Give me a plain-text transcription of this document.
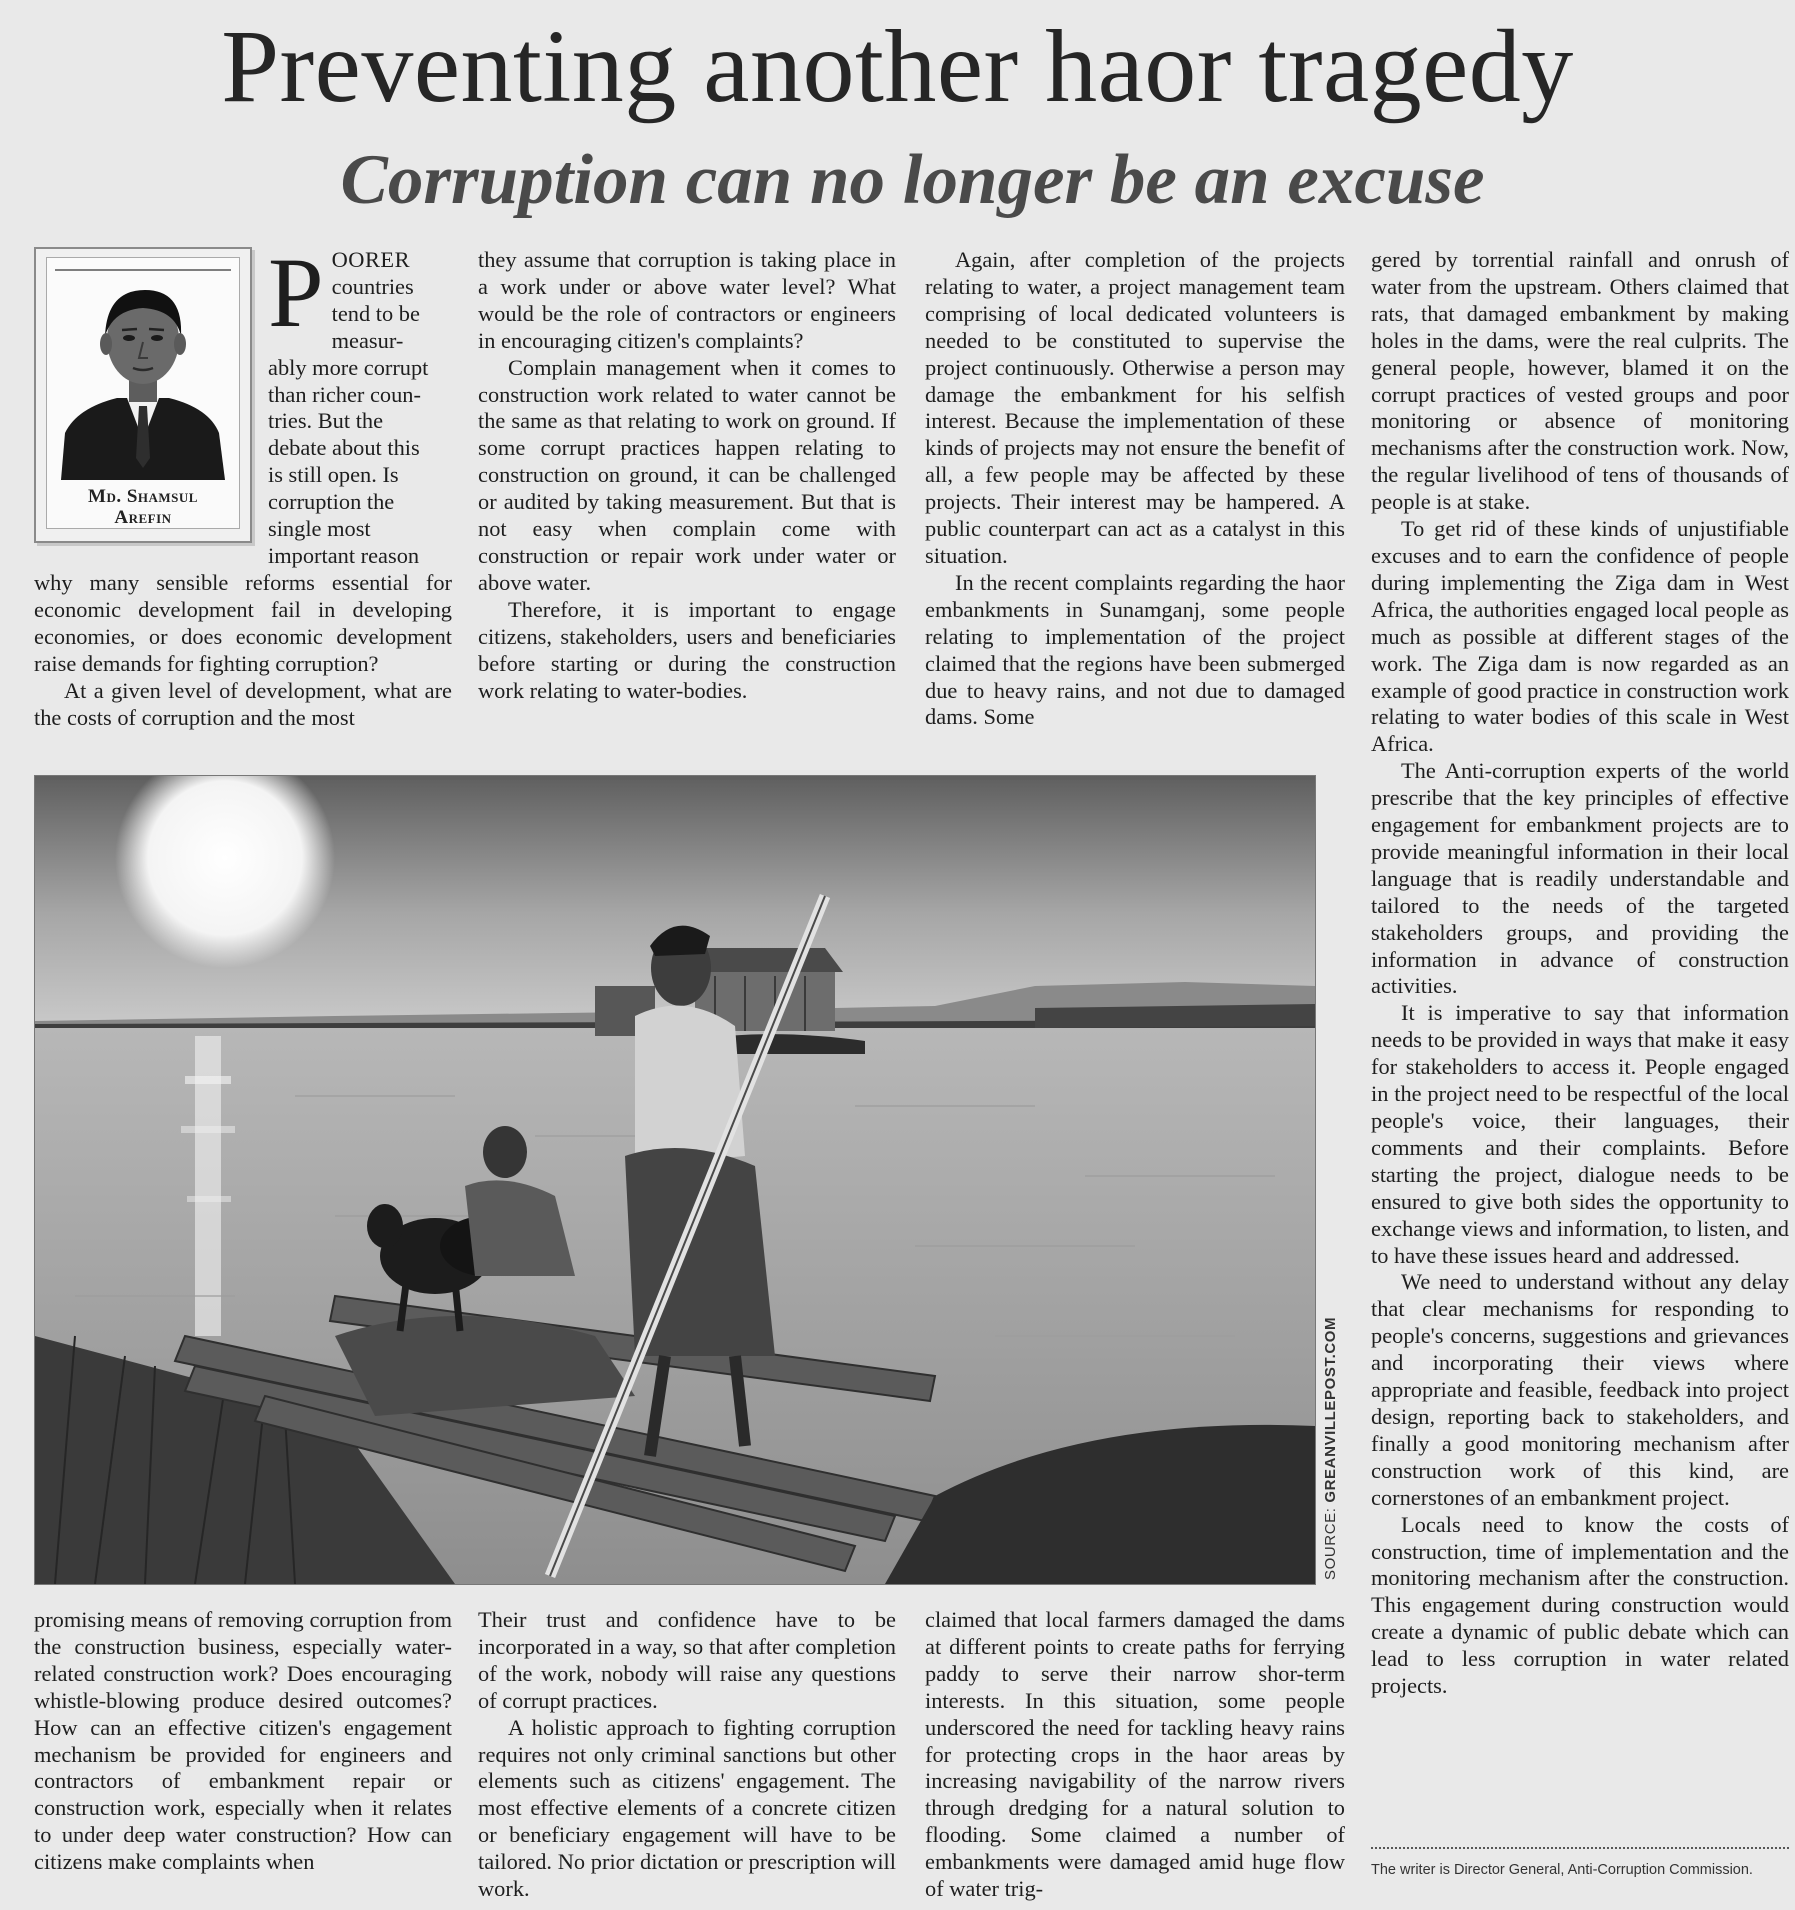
Preventing another haor tragedy
Corruption can no longer be an excuse
Md. Shamsul
Arefin
P OORER
countries
tend to be
measur-
ably more corrupt
than richer coun-
tries. But the
debate about this
is still open. Is
corruption the
single most
important reason

why many sensible reforms essential for economic development fail in developing economies, or does economic development raise demands for fighting corruption?

At a given level of development, what are the costs of corruption and the most

they assume that corruption is taking place in a work under or above water level? What would be the role of contractors or engineers in encouraging citizen's complaints?

Complain management when it comes to construction work related to water cannot be the same as that relating to work on ground. If some corrupt practices happen relating to construction on ground, it can be challenged or audited by taking measurement. But that is not easy when complain come with construction or repair work under water or above water.

Therefore, it is important to engage citizens, stakeholders, users and beneficiaries before starting or during the construction work relating to water-bodies.

Again, after completion of the projects relating to water, a project management team comprising of local dedicated volunteers is needed to be constituted to supervise the project continuously. Otherwise a person may damage the embankment for his selfish interest. Because the implementation of these kinds of projects may not ensure the benefit of all, a few people may be affected by these projects. Their interest may be hampered. A public counterpart can act as a catalyst in this situation.

In the recent complaints regarding the haor embankments in Sunamganj, some people relating to implementation of the project claimed that the regions have been submerged due to heavy rains, and not due to damaged dams. Some

gered by torrential rainfall and onrush of water from the upstream. Others claimed that rats, that damaged embankment by making holes in the dams, were the real culprits. The general people, however, blamed it on the corrupt practices of vested groups and poor monitoring or absence of monitoring mechanisms after the construction work. Now, the regular livelihood of tens of thousands of people is at stake.

To get rid of these kinds of unjustifiable excuses and to earn the confidence of people during implementing the Ziga dam in West Africa, the authorities engaged local people as much as possible at different stages of the work. The Ziga dam is now regarded as an example of good practice in construction work relating to water bodies of this scale in West Africa.

The Anti-corruption experts of the world prescribe that the key principles of effective engagement for embankment projects are to provide meaningful information in their local language that is readily understandable and tailored to the needs of the targeted stakeholders groups, and providing the information in advance of construction activities.

It is imperative to say that information needs to be provided in ways that make it easy for stakeholders to access it. People engaged in the project need to be respectful of the local people's voice, their languages, their comments and their complaints. Before starting the project, dialogue needs to be ensured to give both sides the opportunity to exchange views and information, to listen, and to have these issues heard and addressed.

We need to understand without any delay that clear mechanisms for responding to people's concerns, suggestions and grievances and incorporating their views where appropriate and feasible, feedback into project design, reporting back to stakeholders, and finally a good monitoring mechanism after construction work of this kind, are cornerstones of an embankment project.

Locals need to know the costs of construction, time of implementation and the monitoring mechanism after the construction. This engagement during construction would create a dynamic of public debate which can lead to less corruption in water related projects.

SOURCE: GREANVILLEPOST.COM

promising means of removing corruption from the construction business, especially water-related construction work? Does encouraging whistle-blowing produce desired outcomes? How can an effective citizen's engagement mechanism be provided for engineers and contractors of embankment repair or construction work, especially when it relates to under deep water construction? How can citizens make complaints when

Their trust and confidence have to be incorporated in a way, so that after completion of the work, nobody will raise any questions of corrupt practices.

A holistic approach to fighting corruption requires not only criminal sanctions but other elements such as citizens' engagement. The most effective elements of a concrete citizen or beneficiary engagement will have to be tailored. No prior dictation or prescription will work.

claimed that local farmers damaged the dams at different points to create paths for ferrying paddy to serve their narrow shor-term interests. In this situation, some people underscored the need for tackling heavy rains for protecting crops in the haor areas by increasing navigability of the narrow rivers through dredging for a natural solution to flooding. Some claimed a number of embankments were damaged amid huge flow of water trig-

The writer is Director General, Anti-Corruption Commission.
